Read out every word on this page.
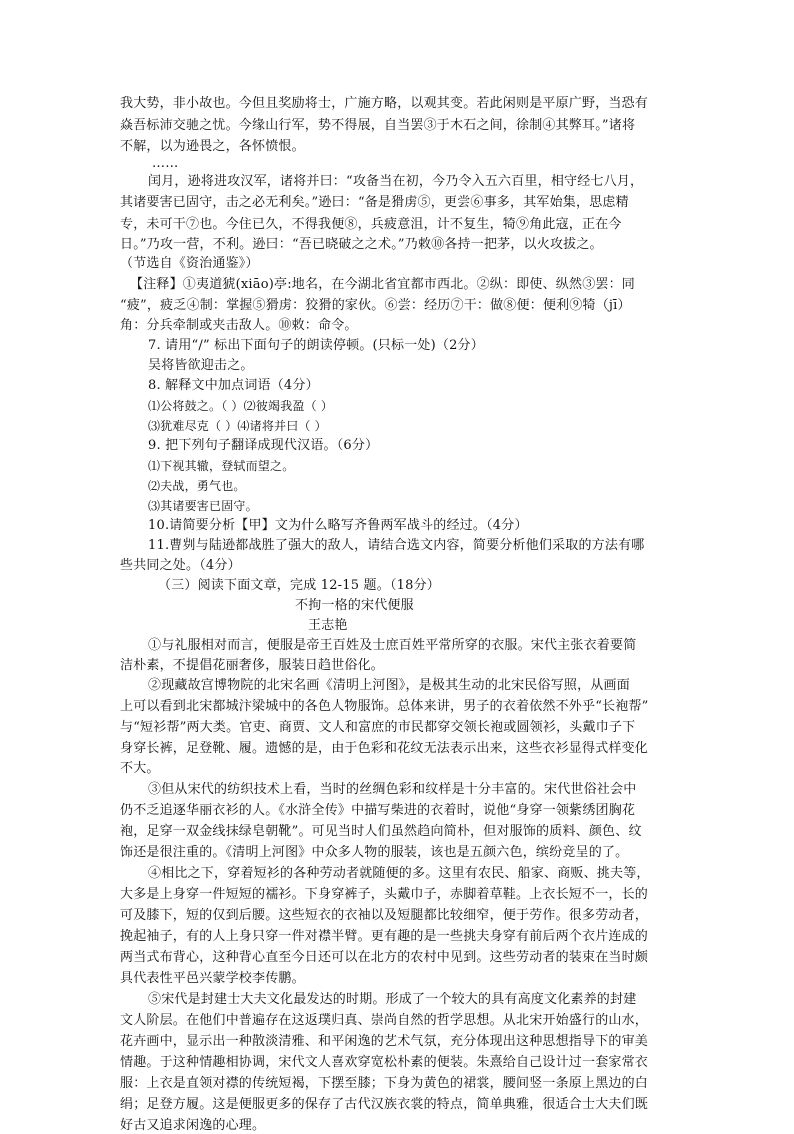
我大势，非小故也。今但且奖励将士，广施方略，以观其变。若此闲则是平原广野，当恐有
焱吾标沛交驰之忧。今缘山行军，势不得展，自当罢③于木石之间，徐制④其弊耳。”诸将
不解，以为逊畏之，各怀愤恨。
……
闰月，逊将进攻汉军，诸将并曰：“攻备当在初，今乃令入五六百里，相守经七八月，
其诸要害已固守，击之必无利矣。”逊曰：“备是猾虏⑤，更尝⑥事多，其军始集，思虑精
专，未可干⑦也。今住已久，不得我便⑧，兵疲意沮，计不复生，犄⑨角此寇，正在今
日。”乃攻一营，不利。逊曰：“吾已晓破之之术。”乃敕⑩各持一把茅，以火攻拔之。
（节选自《资治通鉴》）
【注释】①夷道猇(xiāo)亭:地名，在今湖北省宜都市西北。②纵：即使、纵然③罢：同
“疲”，疲乏④制：掌握⑤猾虏：狡猾的家伙。⑥尝：经历⑦干：做⑧便：便利⑨犄（jī）
角：分兵牵制或夹击敌人。⑩敕：命令。
7. 请用“/” 标出下面句子的朗读停顿。(只标一处)（2分）
吴将皆欲迎击之。
8. 解释文中加点词语（4分）
⑴公将鼓之。（ ）⑵彼竭我盈（ ）
⑶犹难尽克（ ）⑷诸将并曰（ ）
9. 把下列句子翻译成现代汉语。（6分）
⑴下视其辙，登轼而望之。
⑵夫战，勇气也。
⑶其诸要害已固守。
10.请简要分析【甲】文为什么略写齐鲁两军战斗的经过。（4分）
11.曹刿与陆逊都战胜了强大的敌人，请结合选文内容，简要分析他们采取的方法有哪
些共同之处。（4分）
（三）阅读下面文章，完成 12-15 题。（18分）
不拘一格的宋代便服
王志艳
①与礼服相对而言，便服是帝王百姓及士庶百姓平常所穿的衣服。宋代主张衣着要简
洁朴素，不提倡花丽奢侈，服装日趋世俗化。
②现藏故宫博物院的北宋名画《清明上河图》，是极其生动的北宋民俗写照，从画面
上可以看到北宋都城汴梁城中的各色人物服饰。总体来讲，男子的衣着依然不外乎“长袍帮”
与“短衫帮”两大类。官吏、商贾、文人和富庶的市民都穿交领长袍或圆领衫，头戴巾子下
身穿长裤，足登靴、履。遗憾的是，由于色彩和花纹无法表示出来，这些衣衫显得式样变化
不大。
③但从宋代的纺织技术上看，当时的丝绸色彩和纹样是十分丰富的。宋代世俗社会中
仍不乏追逐华丽衣衫的人。《水浒全传》中描写柴进的衣着时，说他“身穿一领紫绣团胸花
袍，足穿一双金线抹绿皂朝靴”。可见当时人们虽然趋向简朴，但对服饰的质料、颜色、纹
饰还是很注重的。《清明上河图》中众多人物的服装，该也是五颜六色，缤纷竞呈的了。
④相比之下，穿着短衫的各种劳动者就随便的多。这里有农民、船家、商贩、挑夫等，
大多是上身穿一件短短的襦衫。下身穿裤子，头戴巾子，赤脚着草鞋。上衣长短不一，长的
可及膝下，短的仅到后腰。这些短衣的衣袖以及短腿都比较细窄，便于劳作。很多劳动者，
挽起袖子，有的人上身只穿一件对襟半臂。更有趣的是一些挑夫身穿有前后两个衣片连成的
两当式布背心，这种背心直至今日还可以在北方的农村中见到。这些劳动者的装束在当时颇
具代表性平邑兴蒙学校李传鹏。
⑤宋代是封建士大夫文化最发达的时期。形成了一个较大的具有高度文化素养的封建
文人阶层。在他们中普遍存在这返璞归真、崇尚自然的哲学思想。从北宋开始盛行的山水，
花卉画中，显示出一种散淡清雅、和平闲逸的艺术气氛，充分体现出这种思想指导下的审美
情趣。于这种情趣相协调，宋代文人喜欢穿宽松朴素的便装。朱熹给自己设计过一套家常衣
服：上衣是直领对襟的传统短褐，下摆至膝；下身为黄色的裙裳，腰间竖一条原上黑边的白
绢；足登方履。这是便服更多的保存了古代汉族衣裳的特点，简单典雅，很适合士大夫们既
好古又追求闲逸的心理。
